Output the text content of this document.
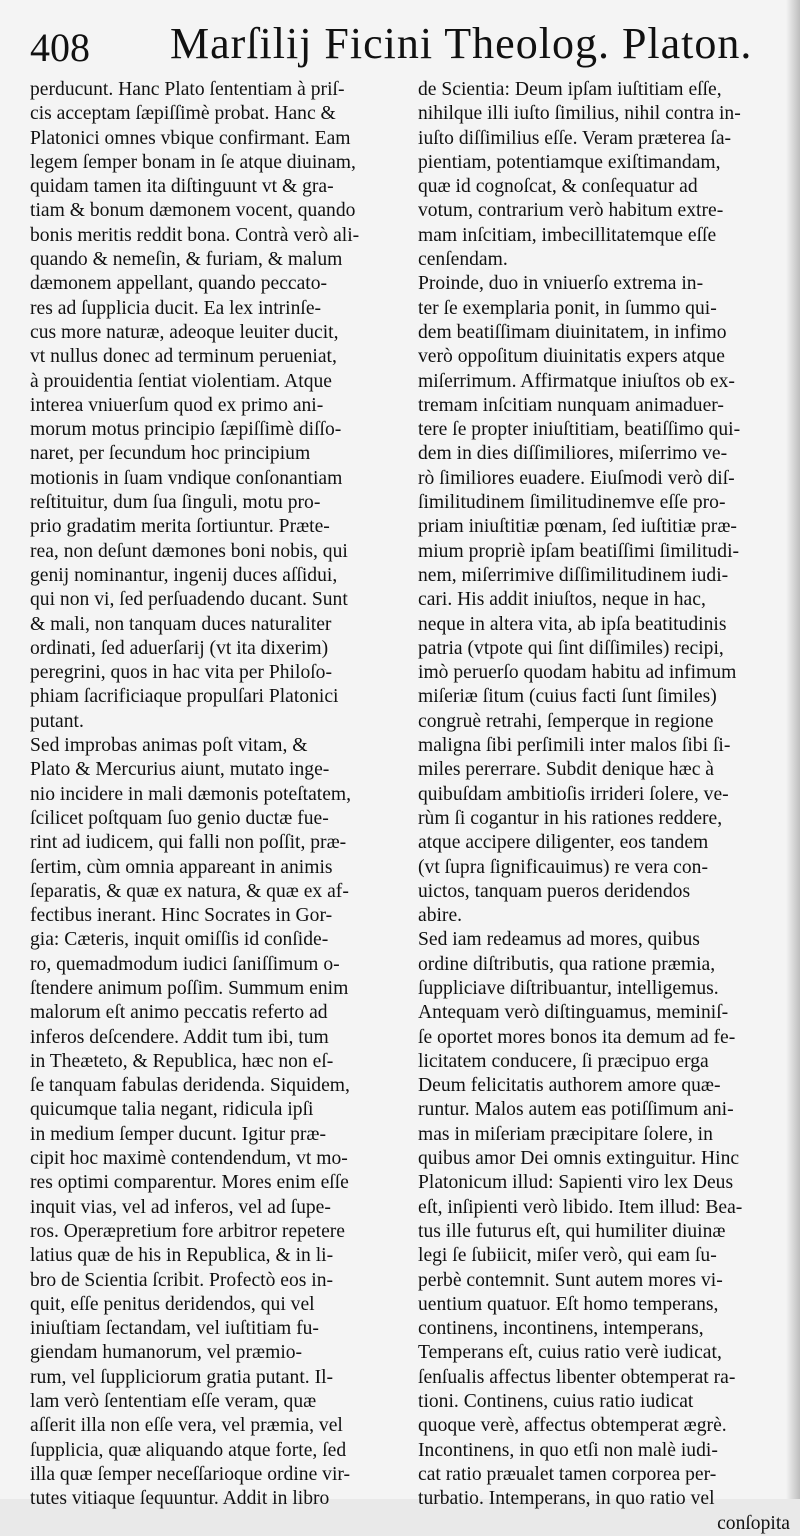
408 Marſilij Ficini Theolog. Platon.
perducunt. Hanc Plato ſententiam à priſ-
cis acceptam ſæpiſſimè probat. Hanc &
Platonici omnes vbique confirmant. Eam
legem ſemper bonam in ſe atque diuinam,
quidam tamen ita diſtinguunt vt & gra-
tiam & bonum dæmonem vocent, quando
bonis meritis reddit bona. Contrà verò ali-
quando & nemeſin, & furiam, & malum
dæmonem appellant, quando peccato-
res ad ſupplicia ducit. Ea lex intrinſe-
cus more naturæ, adeoque leuiter ducit,
vt nullus donec ad terminum perueniat,
à prouidentia ſentiat violentiam. Atque
interea vniuerſum quod ex primo ani-
morum motus principio ſæpiſſimè diſſo-
naret, per ſecundum hoc principium
motionis in ſuam vndique conſonantiam
reſtituitur, dum ſua ſinguli, motu pro-
prio gradatim merita ſortiuntur. Præte-
rea, non deſunt dæmones boni nobis, qui
genij nominantur, ingenij duces aſſidui,
qui non vi, ſed perſuadendo ducant. Sunt
& mali, non tanquam duces naturaliter
ordinati, ſed aduerſarij (vt ita dixerim)
peregrini, quos in hac vita per Philoſo-
phiam ſacrificiaque propulſari Platonici
putant.
Sed improbas animas poſt vitam, &
Plato & Mercurius aiunt, mutato inge-
nio incidere in mali dæmonis poteſtatem,
ſcilicet poſtquam ſuo genio ductæ fue-
rint ad iudicem, qui falli non poſſit, præ-
ſertim, cùm omnia appareant in animis
ſeparatis, & quæ ex natura, & quæ ex af-
fectibus inerant. Hinc Socrates in Gor-
gia: Cæteris, inquit omiſſis id conſide-
ro, quemadmodum iudici ſaniſſimum o-
ſtendere animum poſſim. Summum enim
malorum eſt animo peccatis referto ad
inferos deſcendere. Addit tum ibi, tum
in Theæteto, & Republica, hæc non eſ-
ſe tanquam fabulas deridenda. Siquidem,
quicumque talia negant, ridicula ipſi
in medium ſemper ducunt. Igitur præ-
cipit hoc maximè contendendum, vt mo-
res optimi comparentur. Mores enim eſſe
inquit vias, vel ad inferos, vel ad ſupe-
ros. Operæpretium fore arbitror repetere
latius quæ de his in Republica, & in li-
bro de Scientia ſcribit. Profectò eos in-
quit, eſſe penitus deridendos, qui vel
iniuſtiam ſectandam, vel iuſtitiam fu-
giendam humanorum, vel præmio-
rum, vel ſuppliciorum gratia putant. Il-
lam verò ſententiam eſſe veram, quæ
aſſerit illa non eſſe vera, vel præmia, vel
ſupplicia, quæ aliquando atque forte, ſed
illa quæ ſemper neceſſarioque ordine vir-
tutes vitiaque ſequuntur. Addit in libro
de Scientia: Deum ipſam iuſtitiam eſſe,
nihilque illi iuſto ſimilius, nihil contra in-
iuſto diſſimilius eſſe. Veram præterea ſa-
pientiam, potentiamque exiſtimandam,
quæ id cognoſcat, & conſequatur ad
votum, contrarium verò habitum extre-
mam inſcitiam, imbecillitatemque eſſe
cenſendam.
Proinde, duo in vniuerſo extrema in-
ter ſe exemplaria ponit, in ſummo qui-
dem beatiſſimam diuinitatem, in infimo
verò oppoſitum diuinitatis expers atque
miſerrimum. Affirmatque iniuſtos ob ex-
tremam inſcitiam nunquam animaduer-
tere ſe propter iniuſtitiam, beatiſſimo qui-
dem in dies diſſimiliores, miſerrimo ve-
rò ſimiliores euadere. Eiuſmodi verò diſ-
ſimilitudinem ſimilitudinemve eſſe pro-
priam iniuſtitiæ pœnam, ſed iuſtitiæ præ-
mium propriè ipſam beatiſſimi ſimilitudi-
nem, miſerrimive diſſimilitudinem iudi-
cari. His addit iniuſtos, neque in hac,
neque in altera vita, ab ipſa beatitudinis
patria (vtpote qui ſint diſſimiles) recipi,
imò peruerſo quodam habitu ad infimum
miſeriæ ſitum (cuius facti ſunt ſimiles)
congruè retrahi, ſemperque in regione
maligna ſibi perſimili inter malos ſibi ſi-
miles pererrare. Subdit denique hæc à
quibuſdam ambitioſis irrideri ſolere, ve-
rùm ſi cogantur in his rationes reddere,
atque accipere diligenter, eos tandem
(vt ſupra ſignificauimus) re vera con-
uictos, tanquam pueros deridendos
abire.
Sed iam redeamus ad mores, quibus
ordine diſtributis, qua ratione præmia,
ſuppliciave diſtribuantur, intelligemus.
Antequam verò diſtinguamus, meminiſ-
ſe oportet mores bonos ita demum ad fe-
licitatem conducere, ſi præcipuo erga
Deum felicitatis authorem amore quæ-
runtur. Malos autem eas potiſſimum ani-
mas in miſeriam præcipitare ſolere, in
quibus amor Dei omnis extinguitur. Hinc
Platonicum illud: Sapienti viro lex Deus
eſt, inſipienti verò libido. Item illud: Bea-
tus ille futurus eſt, qui humiliter diuinæ
legi ſe ſubiicit, miſer verò, qui eam ſu-
perbè contemnit. Sunt autem mores vi-
uentium quatuor. Eſt homo temperans,
continens, incontinens, intemperans,
Temperans eſt, cuius ratio verè iudicat,
ſenſualis affectus libenter obtemperat ra-
tioni. Continens, cuius ratio iudicat
quoque verè, affectus obtemperat ægrè.
Incontinens, in quo etſi non malè iudi-
cat ratio præualet tamen corporea per-
turbatio. Intemperans, in quo ratio vel
conſopita
